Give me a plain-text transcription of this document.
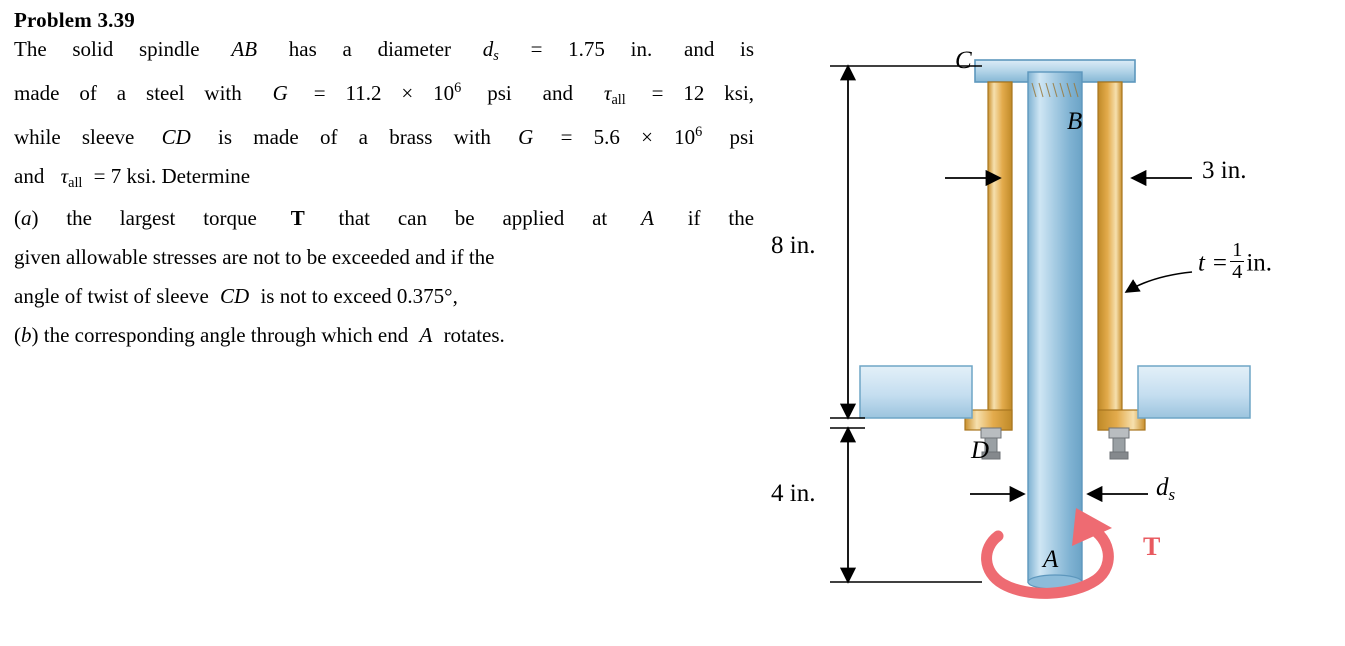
Problem 3.39
The solid spindle AB has a diameter $d_s = 1.75$ in. and is
made of a steel with $G = 11.2 \times 10^6$ psi and τall = 12 ksi,
while sleeve CD is made of a brass with $G = 5.6 \times 10^6$ psi
and τall = 7 ksi. Determine
(a) the largest torque T that can be applied at A if the
given allowable stresses are not to be exceeded and if the
angle of twist of sleeve CD is not to exceed 0.375°,
(b) the corresponding angle through which end A rotates.
C
B
D
A	T
8 in.
4 in.
3 in.
$t = \frac{1}{4}$ in.
$d_s$
